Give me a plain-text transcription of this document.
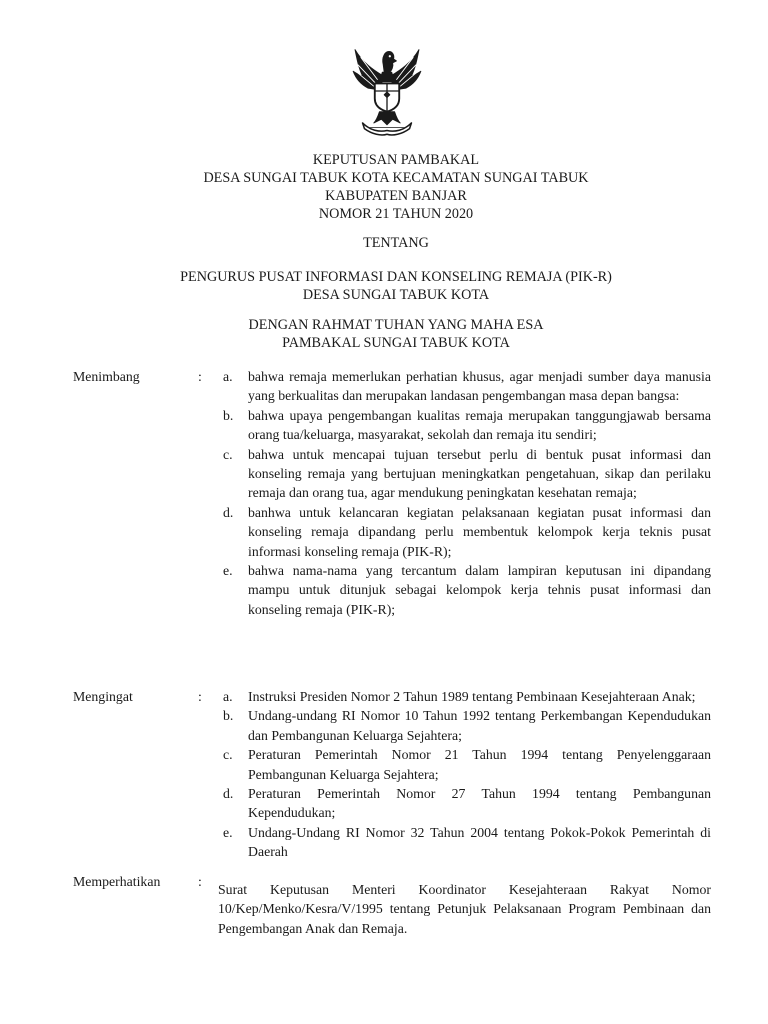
KEPUTUSAN PAMBAKAL
DESA SUNGAI TABUK KOTA KECAMATAN SUNGAI TABUK
KABUPATEN BANJAR
NOMOR 21 TAHUN 2020
TENTANG
PENGURUS PUSAT INFORMASI DAN KONSELING REMAJA (PIK-R)
DESA SUNGAI TABUK KOTA
DENGAN RAHMAT TUHAN YANG MAHA ESA
PAMBAKAL SUNGAI TABUK KOTA
Menimbang	: a. bahwa remaja memerlukan perhatian khusus, agar menjadi sumber daya manusia yang berkualitas dan merupakan landasan pengembangan masa depan bangsa:
b. bahwa upaya pengembangan kualitas remaja merupakan tanggungjawab bersama orang tua/keluarga, masyarakat, sekolah dan remaja itu sendiri;
c. bahwa untuk mencapai tujuan tersebut perlu di bentuk pusat informasi dan konseling remaja yang bertujuan meningkatkan pengetahuan, sikap dan perilaku remaja dan orang tua, agar mendukung peningkatan kesehatan remaja;
d. banhwa untuk kelancaran kegiatan pelaksanaan kegiatan pusat informasi dan konseling remaja dipandang perlu membentuk kelompok kerja teknis pusat informasi konseling remaja (PIK-R);
e. bahwa nama-nama yang tercantum dalam lampiran keputusan ini dipandang mampu untuk ditunjuk sebagai kelompok kerja tehnis pusat informasi dan konseling remaja (PIK-R);
Mengingat	: a. Instruksi Presiden Nomor 2 Tahun 1989 tentang Pembinaan Kesejahteraan Anak;
b. Undang-undang RI Nomor 10 Tahun 1992 tentang Perkembangan Kependudukan dan Pembangunan Keluarga Sejahtera;
c. Peraturan Pemerintah Nomor 21 Tahun 1994 tentang Penyelenggaraan Pembangunan Keluarga Sejahtera;
d. Peraturan Pemerintah Nomor 27 Tahun 1994 tentang Pembangunan Kependudukan;
e. Undang-Undang RI Nomor 32 Tahun 2004 tentang Pokok-Pokok Pemerintah di Daerah
Memperhatikan	:
Surat Keputusan Menteri Koordinator Kesejahteraan Rakyat Nomor 10/Kep/Menko/Kesra/V/1995 tentang Petunjuk Pelaksanaan Program Pembinaan dan Pengembangan Anak dan Remaja.
